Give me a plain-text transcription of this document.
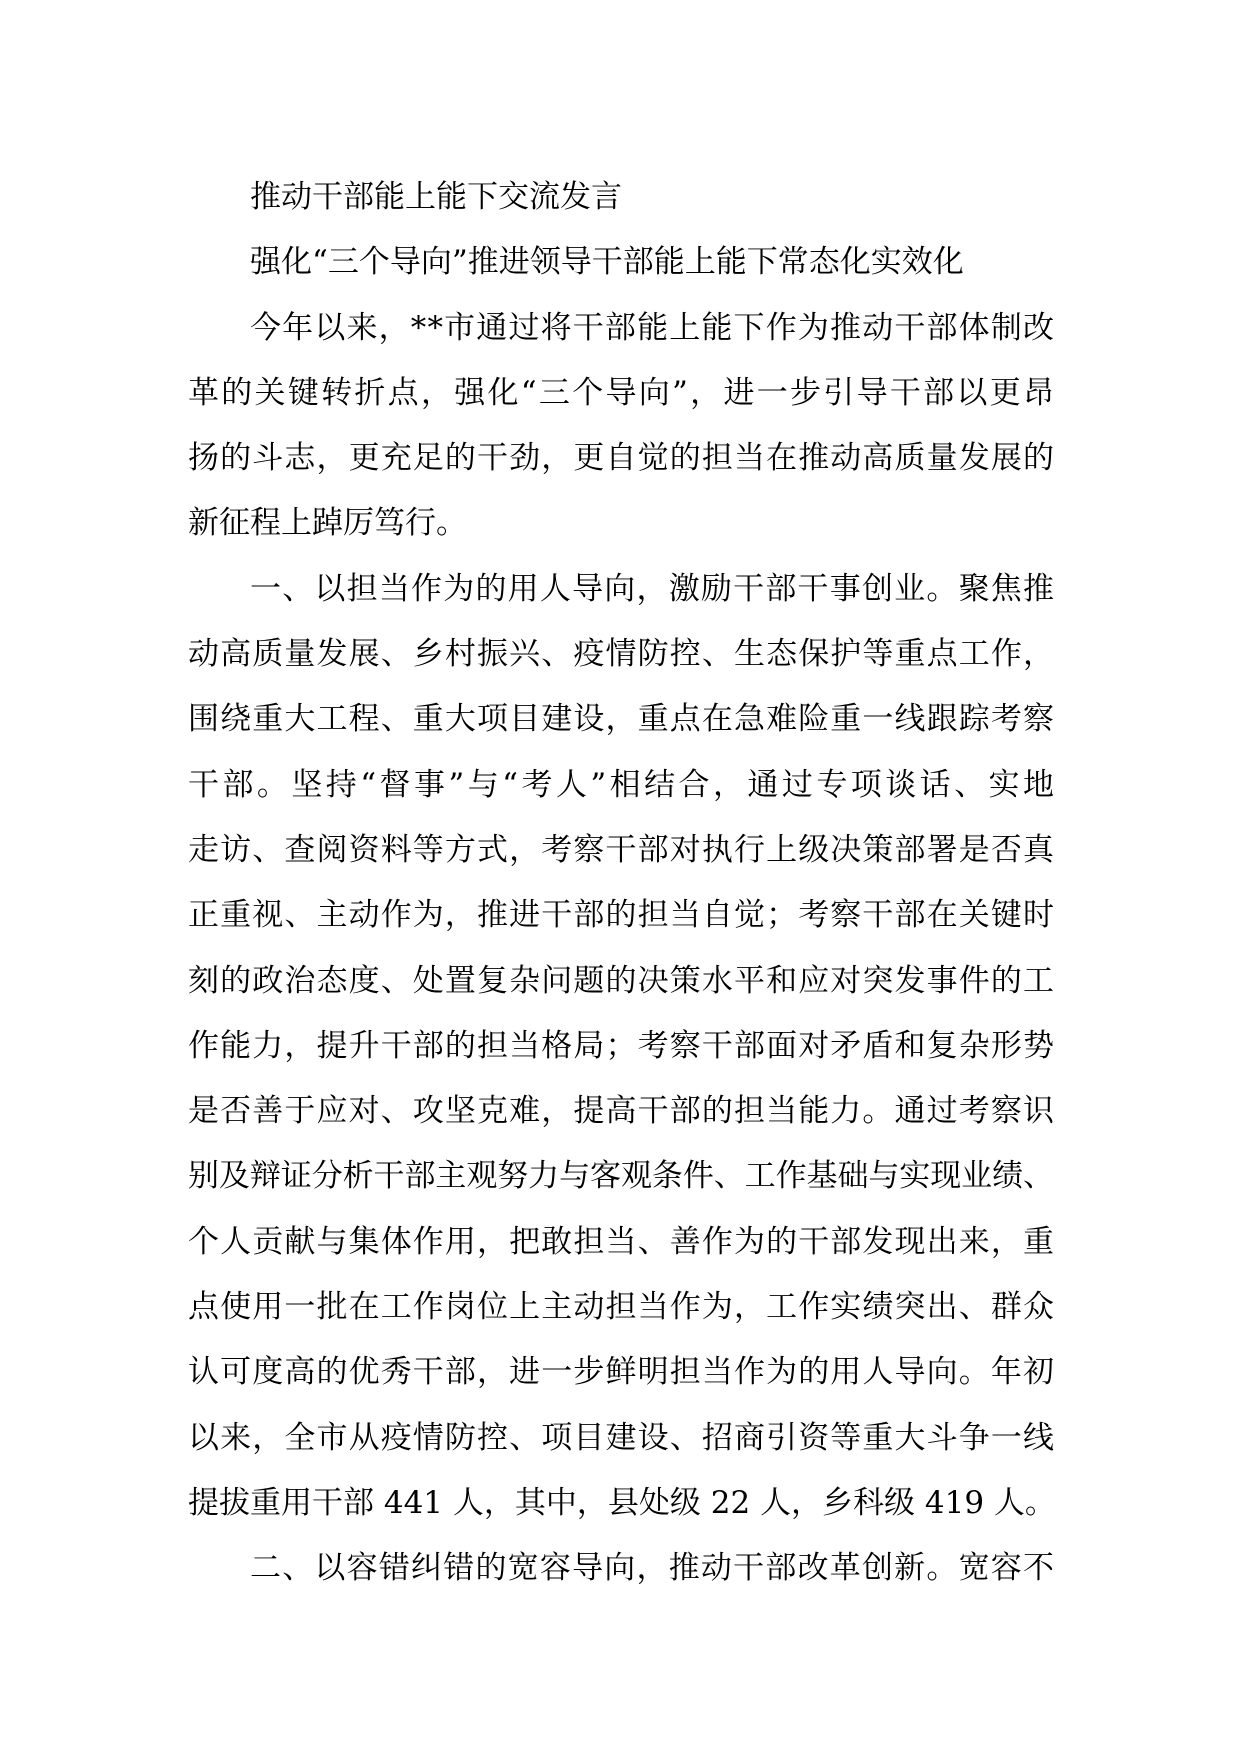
推动干部能上能下交流发言
强化“三个导向”推进领导干部能上能下常态化实效化
今年以来，**市通过将干部能上能下作为推动干部体制改
革的关键转折点，强化“三个导向”，进一步引导干部以更昂
扬的斗志，更充足的干劲，更自觉的担当在推动高质量发展的
新征程上踔厉笃行。
一、以担当作为的用人导向，激励干部干事创业。聚焦推
动高质量发展、乡村振兴、疫情防控、生态保护等重点工作，
围绕重大工程、重大项目建设，重点在急难险重一线跟踪考察
干部。坚持“督事”与“考人”相结合，通过专项谈话、实地
走访、查阅资料等方式，考察干部对执行上级决策部署是否真
正重视、主动作为，推进干部的担当自觉；考察干部在关键时
刻的政治态度、处置复杂问题的决策水平和应对突发事件的工
作能力，提升干部的担当格局；考察干部面对矛盾和复杂形势
是否善于应对、攻坚克难，提高干部的担当能力。通过考察识
别及辩证分析干部主观努力与客观条件、工作基础与实现业绩、
个人贡献与集体作用，把敢担当、善作为的干部发现出来，重
点使用一批在工作岗位上主动担当作为，工作实绩突出、群众
认可度高的优秀干部，进一步鲜明担当作为的用人导向。年初
以来，全市从疫情防控、项目建设、招商引资等重大斗争一线
提拔重用干部 441 人，其中，县处级 22 人，乡科级 419 人。
二、以容错纠错的宽容导向，推动干部改革创新。宽容不
